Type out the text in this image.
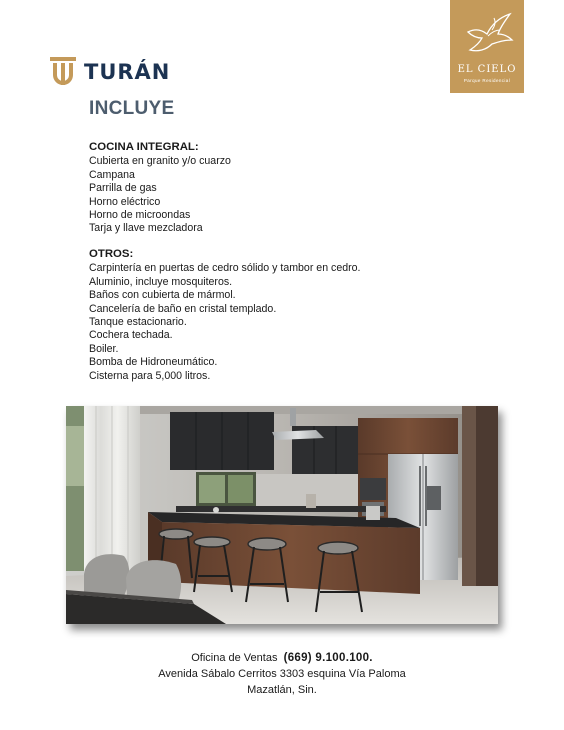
TURÁN	EL CIELO
Parque Residencial
INCLUYE
COCINA INTEGRAL:
Cubierta en granito y/o cuarzo
Campana
Parrilla de gas
Horno eléctrico
Horno de microondas
Tarja y llave mezcladora
OTROS:
Carpintería en puertas de cedro sólido y tambor en cedro.
Aluminio, incluye mosquiteros.
Baños con cubierta de mármol.
Cancelería de baño en cristal templado.
Tanque estacionario.
Cochera techada.
Boiler.
Bomba de Hidroneumático.
Cisterna para 5,000 litros.
Oficina de Ventas (669) 9.100.100.
Avenida Sábalo Cerritos 3303 esquina Vía Paloma
Mazatlán, Sin.
